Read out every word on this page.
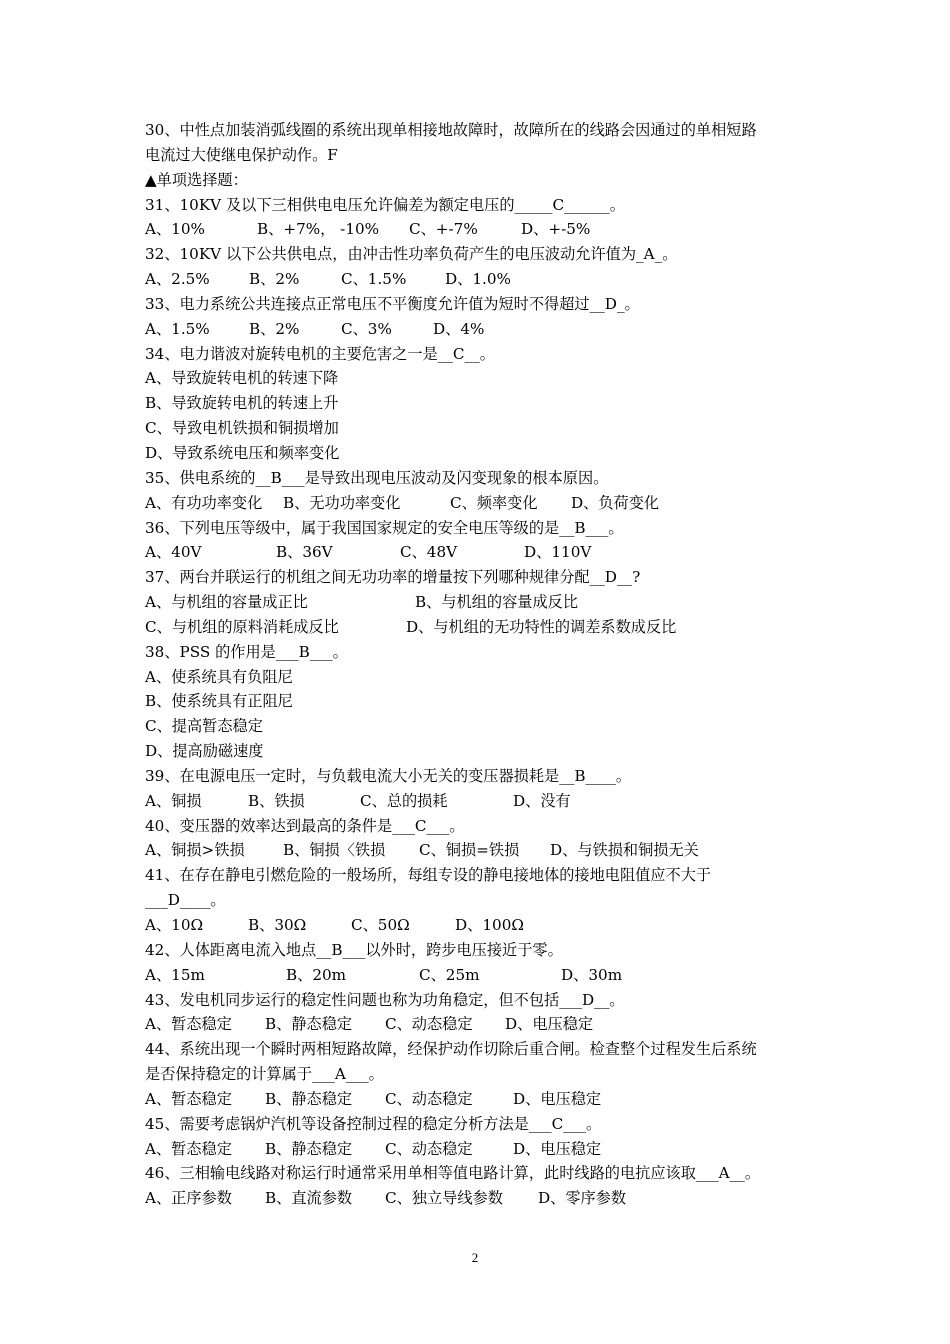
30、中性点加装消弧线圈的系统出现单相接地故障时，故障所在的线路会因通过的单相短路
电流过大使继电保护动作。F
▲单项选择题：
31、10KV 及以下三相供电电压允许偏差为额定电压的_____C______。
A、10%	B、+7%， -10%	C、+-7%	D、+-5%
32、10KV 以下公共供电点，由冲击性功率负荷产生的电压波动允许值为_A_。
A、2.5%	B、2%	C、1.5%	D、1.0%
33、电力系统公共连接点正常电压不平衡度允许值为短时不得超过__D_。
A、1.5%	B、2%	C、3%	D、4%
34、电力谐波对旋转电机的主要危害之一是__C__。
A、导致旋转电机的转速下降
B、导致旋转电机的转速上升
C、导致电机铁损和铜损增加
D、导致系统电压和频率变化
35、供电系统的__B___是导致出现电压波动及闪变现象的根本原因。
A、有功功率变化	B、无功功率变化	C、频率变化	D、负荷变化
36、下列电压等级中，属于我国国家规定的安全电压等级的是__B___。
A、40V	B、36V	C、48V	D、110V
37、两台并联运行的机组之间无功功率的增量按下列哪种规律分配__D__?
A、与机组的容量成正比	B、与机组的容量成反比
C、与机组的原料消耗成反比	D、与机组的无功特性的调差系数成反比
38、PSS 的作用是___B___。
A、使系统具有负阻尼
B、使系统具有正阻尼
C、提高暂态稳定
D、提高励磁速度
39、在电源电压一定时，与负载电流大小无关的变压器损耗是__B____。
A、铜损	B、铁损	C、总的损耗	D、没有
40、变压器的效率达到最高的条件是___C___。
A、铜损>铁损	B、铜损〈铁损	C、铜损=铁损	D、与铁损和铜损无关
41、在存在静电引燃危险的一般场所，每组专设的静电接地体的接地电阻值应不大于
___D____。
A、10Ω	B、30Ω	C、50Ω	D、100Ω
42、人体距离电流入地点__B___以外时，跨步电压接近于零。
A、15m	B、20m	C、25m	D、30m
43、发电机同步运行的稳定性问题也称为功角稳定，但不包括___D__。
A、暂态稳定	B、静态稳定	C、动态稳定	D、电压稳定
44、系统出现一个瞬时两相短路故障，经保护动作切除后重合闸。检查整个过程发生后系统
是否保持稳定的计算属于___A___。
A、暂态稳定	B、静态稳定	C、动态稳定	D、电压稳定
45、需要考虑锅炉汽机等设备控制过程的稳定分析方法是___C___。
A、暂态稳定	B、静态稳定	C、动态稳定	D、电压稳定
46、三相输电线路对称运行时通常采用单相等值电路计算，此时线路的电抗应该取___A__。
A、正序参数	B、直流参数	C、独立导线参数	D、零序参数
2
